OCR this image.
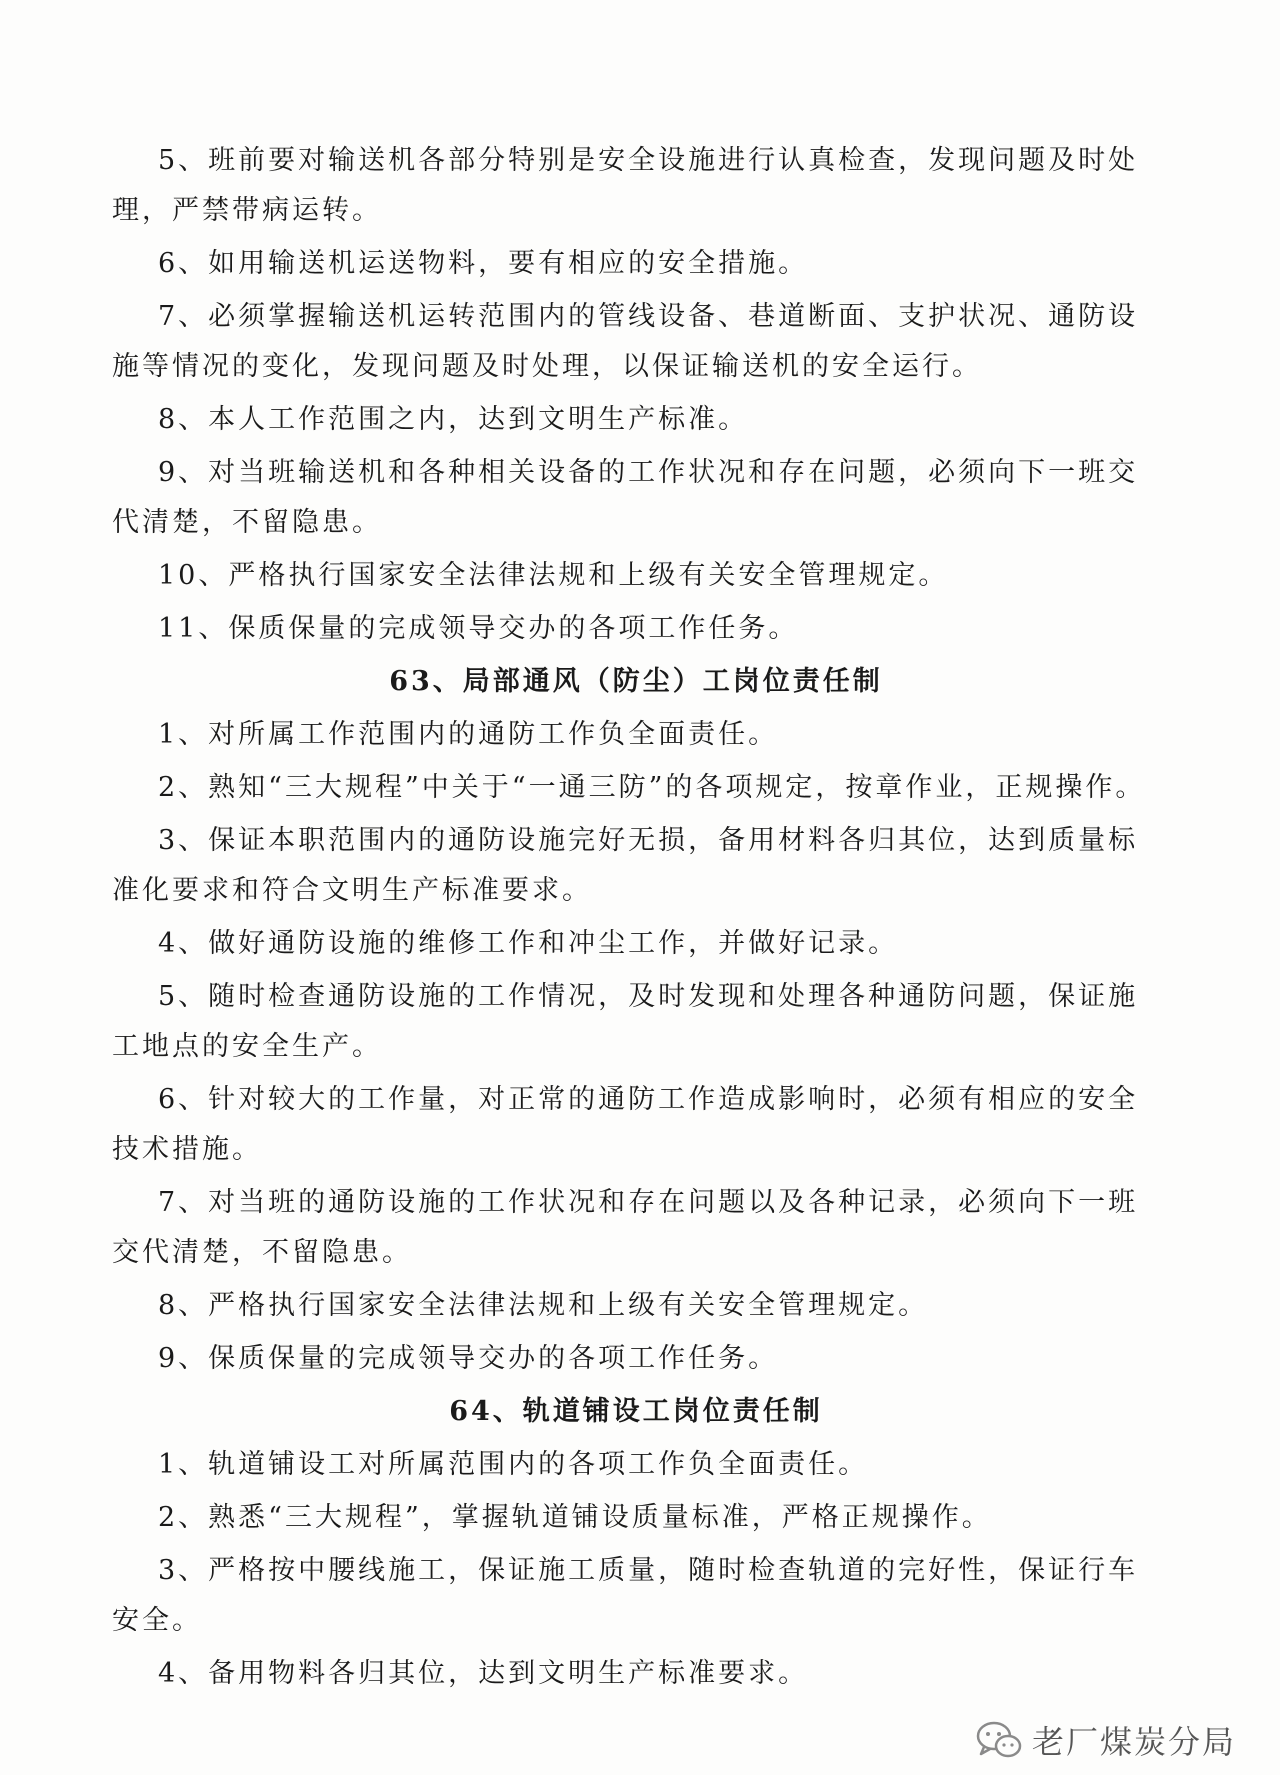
5、班前要对输送机各部分特别是安全设施进行认真检查，发现问题及时处理，严禁带病运转。

6、如用输送机运送物料，要有相应的安全措施。

7、必须掌握输送机运转范围内的管线设备、巷道断面、支护状况、通防设施等情况的变化，发现问题及时处理，以保证输送机的安全运行。

8、本人工作范围之内，达到文明生产标准。

9、对当班输送机和各种相关设备的工作状况和存在问题，必须向下一班交代清楚，不留隐患。

10、严格执行国家安全法律法规和上级有关安全管理规定。

11、保质保量的完成领导交办的各项工作任务。

63、局部通风（防尘）工岗位责任制

1、对所属工作范围内的通防工作负全面责任。

2、熟知“三大规程”中关于“一通三防”的各项规定，按章作业，正规操作。

3、保证本职范围内的通防设施完好无损，备用材料各归其位，达到质量标准化要求和符合文明生产标准要求。

4、做好通防设施的维修工作和冲尘工作，并做好记录。

5、随时检查通防设施的工作情况，及时发现和处理各种通防问题，保证施工地点的安全生产。

6、针对较大的工作量，对正常的通防工作造成影响时，必须有相应的安全技术措施。

7、对当班的通防设施的工作状况和存在问题以及各种记录，必须向下一班交代清楚，不留隐患。

8、严格执行国家安全法律法规和上级有关安全管理规定。

9、保质保量的完成领导交办的各项工作任务。

64、轨道铺设工岗位责任制

1、轨道铺设工对所属范围内的各项工作负全面责任。

2、熟悉“三大规程”，掌握轨道铺设质量标准，严格正规操作。

3、严格按中腰线施工，保证施工质量，随时检查轨道的完好性，保证行车安全。

4、备用物料各归其位，达到文明生产标准要求。

老厂煤炭分局
